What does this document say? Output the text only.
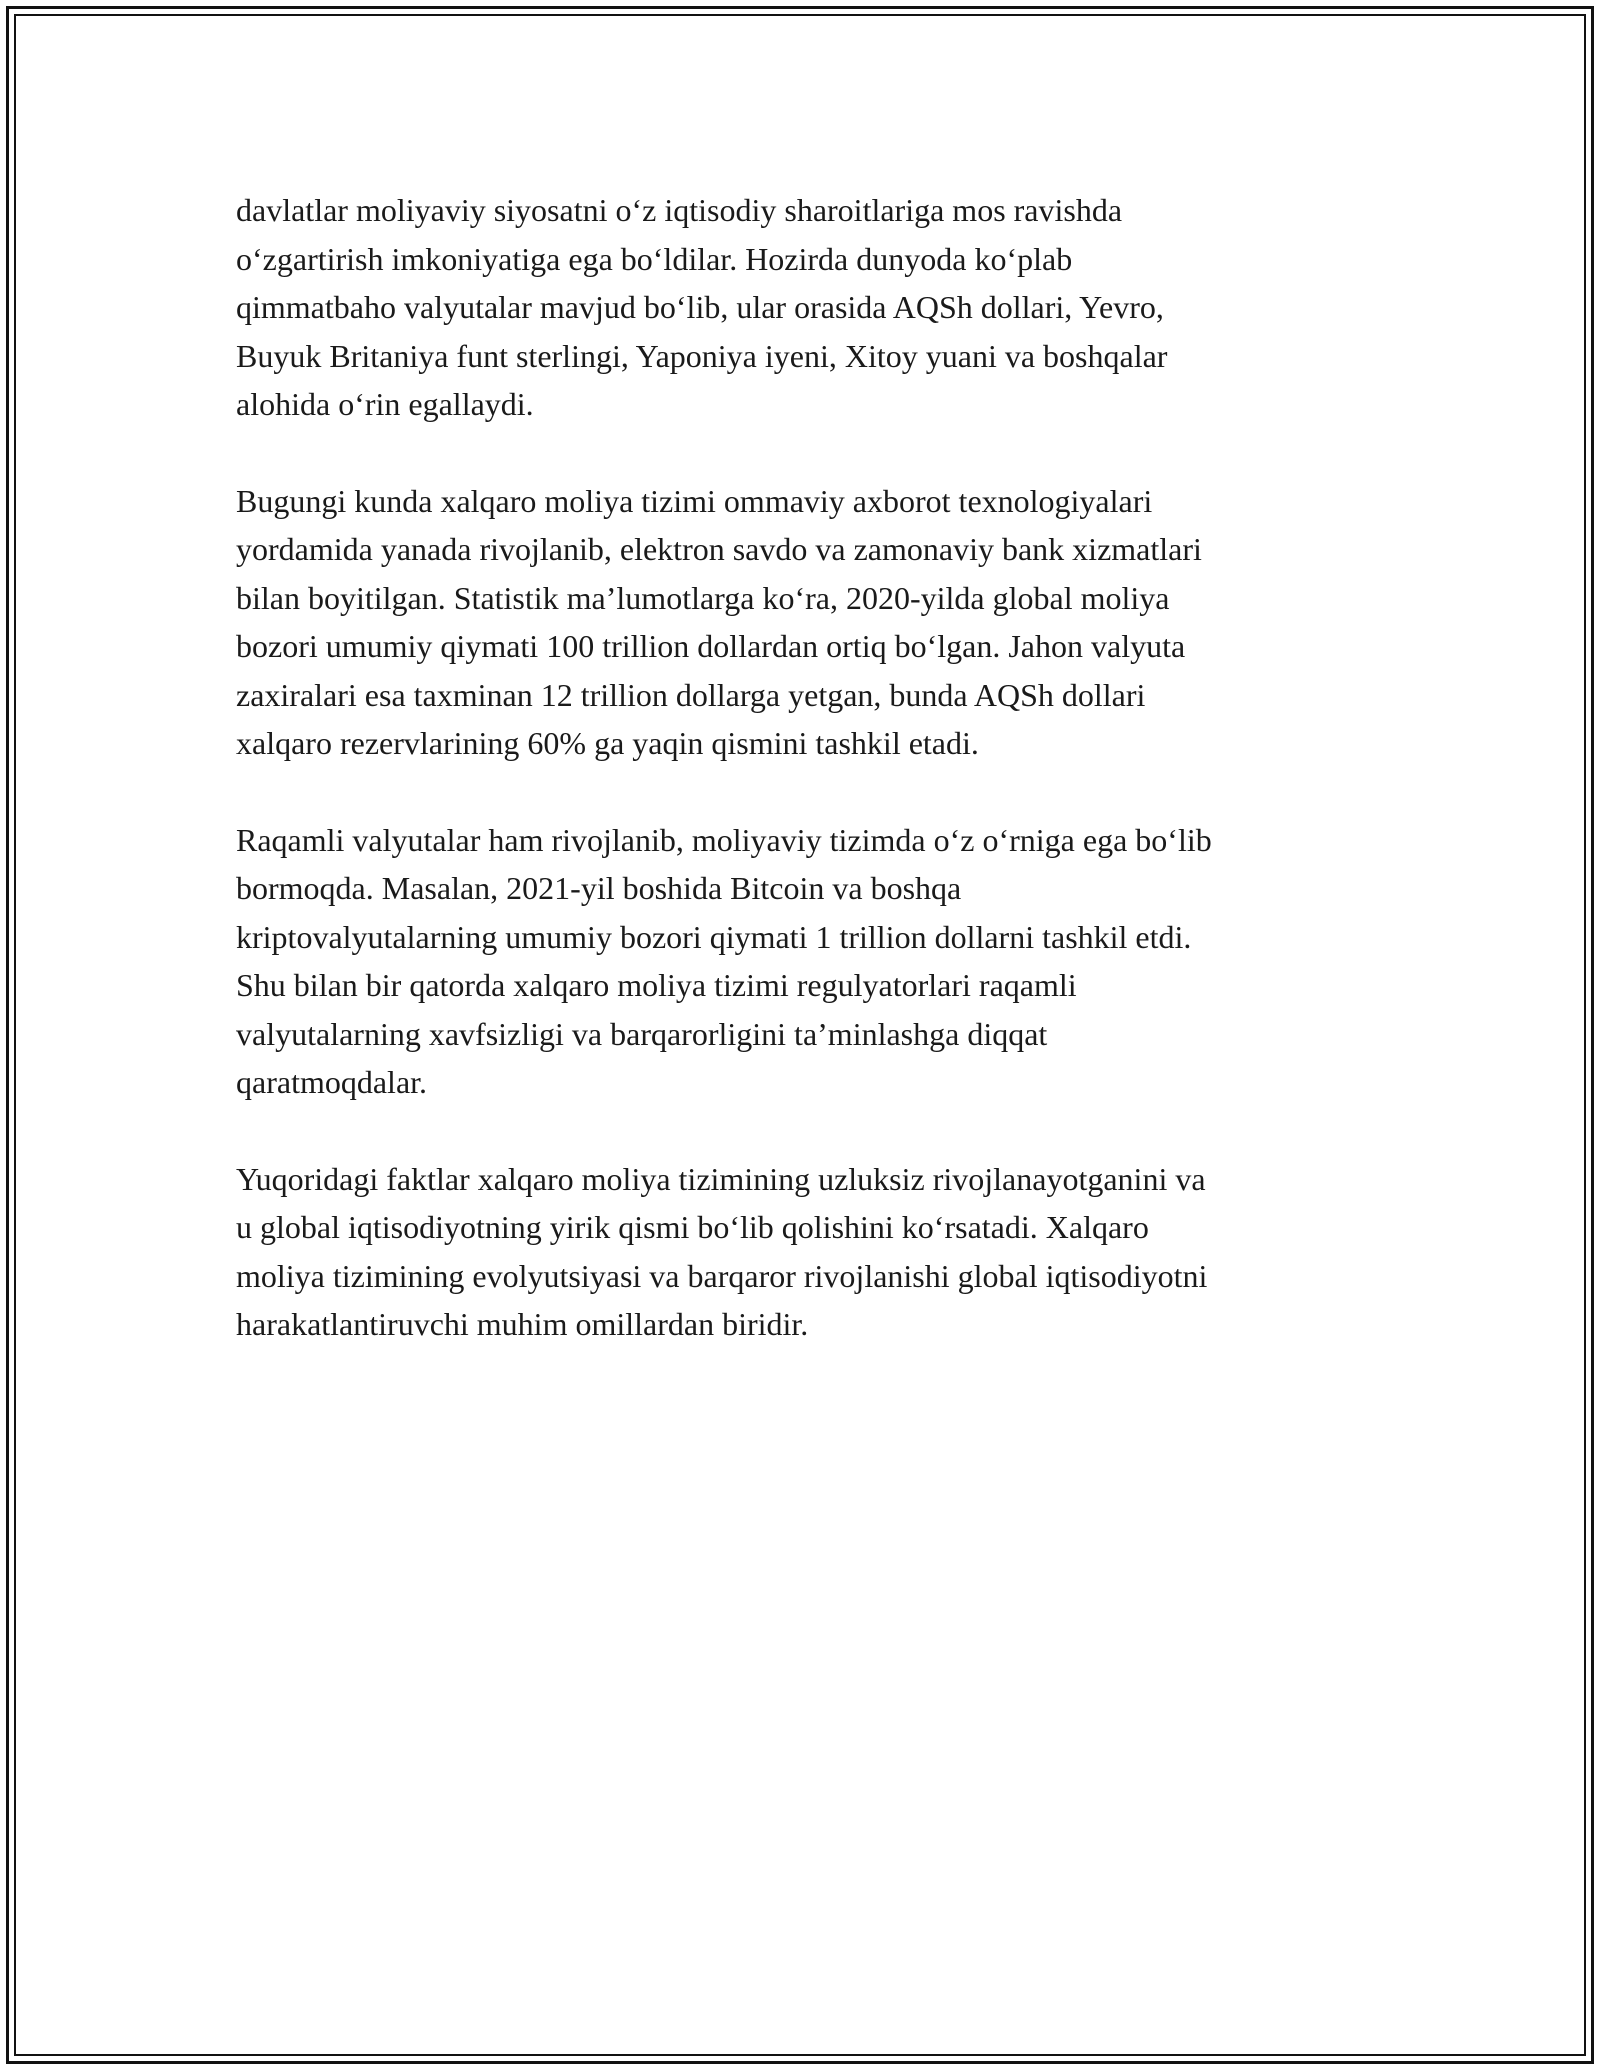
davlatlar moliyaviy siyosatni o‘z iqtisodiy sharoitlariga mos ravishda
o‘zgartirish imkoniyatiga ega bo‘ldilar. Hozirda dunyoda ko‘plab
qimmatbaho valyutalar mavjud bo‘lib, ular orasida AQSh dollari, Yevro,
Buyuk Britaniya funt sterlingi, Yaponiya iyeni, Xitoy yuani va boshqalar
alohida o‘rin egallaydi.

Bugungi kunda xalqaro moliya tizimi ommaviy axborot texnologiyalari
yordamida yanada rivojlanib, elektron savdo va zamonaviy bank xizmatlari
bilan boyitilgan. Statistik ma’lumotlarga ko‘ra, 2020-yilda global moliya
bozori umumiy qiymati 100 trillion dollardan ortiq bo‘lgan. Jahon valyuta
zaxiralari esa taxminan 12 trillion dollarga yetgan, bunda AQSh dollari
xalqaro rezervlarining 60% ga yaqin qismini tashkil etadi.

Raqamli valyutalar ham rivojlanib, moliyaviy tizimda o‘z o‘rniga ega bo‘lib
bormoqda. Masalan, 2021-yil boshida Bitcoin va boshqa
kriptovalyutalarning umumiy bozori qiymati 1 trillion dollarni tashkil etdi.
Shu bilan bir qatorda xalqaro moliya tizimi regulyatorlari raqamli
valyutalarning xavfsizligi va barqarorligini ta’minlashga diqqat
qaratmoqdalar.

Yuqoridagi faktlar xalqaro moliya tizimining uzluksiz rivojlanayotganini va
u global iqtisodiyotning yirik qismi bo‘lib qolishini ko‘rsatadi. Xalqaro
moliya tizimining evolyutsiyasi va barqaror rivojlanishi global iqtisodiyotni
harakatlantiruvchi muhim omillardan biridir.
